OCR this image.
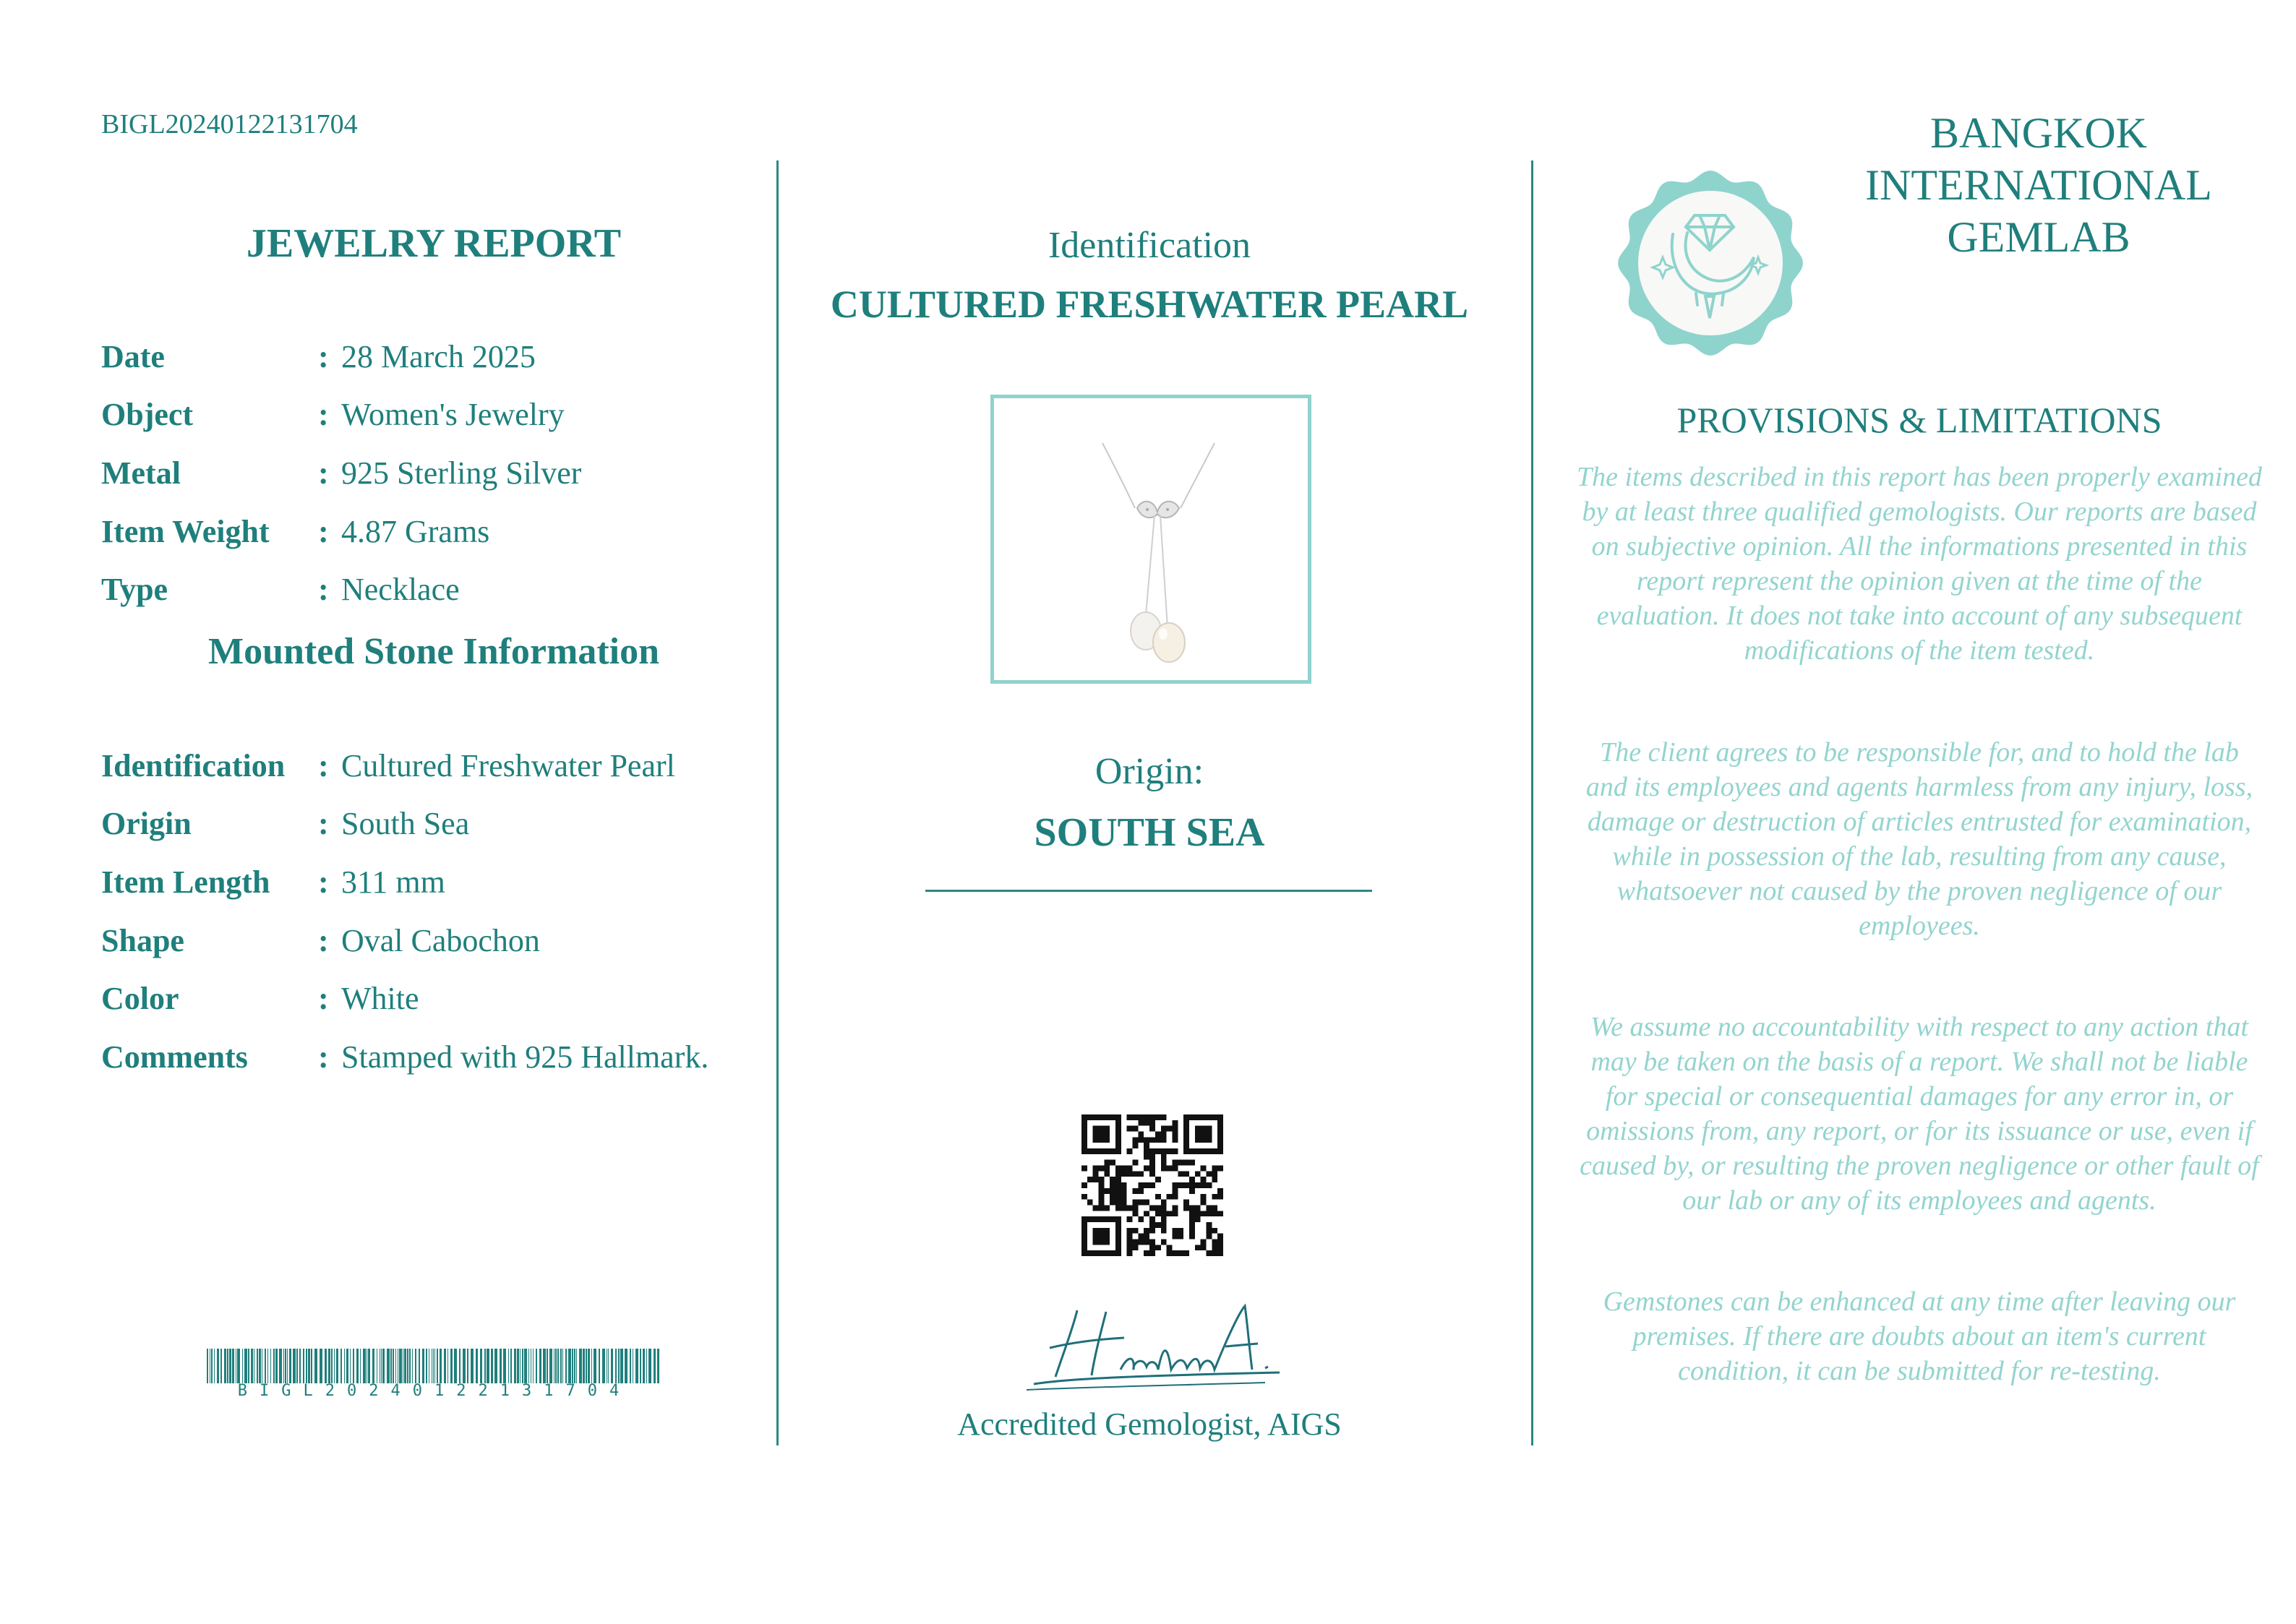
BIGL20240122131704
JEWELRY REPORT
Date	: 28 March 2025
Object	: Women's Jewelry
Metal	: 925 Sterling Silver
Item Weight : 4.87 Grams
Type	: Necklace
Mounted Stone Information
Identification : Cultured Freshwater Pearl
Origin	: South Sea
Item Length : 311 mm
Shape	: Oval Cabochon
Color	: White
Comments : Stamped with 925 Hallmark.
BIGL20240122131704
Identification
CULTURED FRESHWATER PEARL
Origin:
SOUTH SEA
Accredited Gemologist, AIGS
BANGKOK
INTERNATIONAL
GEMLAB
PROVISIONS & LIMITATIONS
The items described in this report has been properly examined by at least three qualified gemologists. Our reports are based on subjective opinion. All the informations presented in this report represent the opinion given at the time of the evaluation. It does not take into account of any subsequent modifications of the item tested.
The client agrees to be responsible for, and to hold the lab and its employees and agents harmless from any injury, loss, damage or destruction of articles entrusted for examination, while in possession of the lab, resulting from any cause, whatsoever not caused by the proven negligence of our employees.
We assume no accountability with respect to any action that may be taken on the basis of a report. We shall not be liable for special or consequential damages for any error in, or omissions from, any report, or for its issuance or use, even if caused by, or resulting the proven negligence or other fault of our lab or any of its employees and agents.
Gemstones can be enhanced at any time after leaving our premises. If there are doubts about an item's current condition, it can be submitted for re-testing.
